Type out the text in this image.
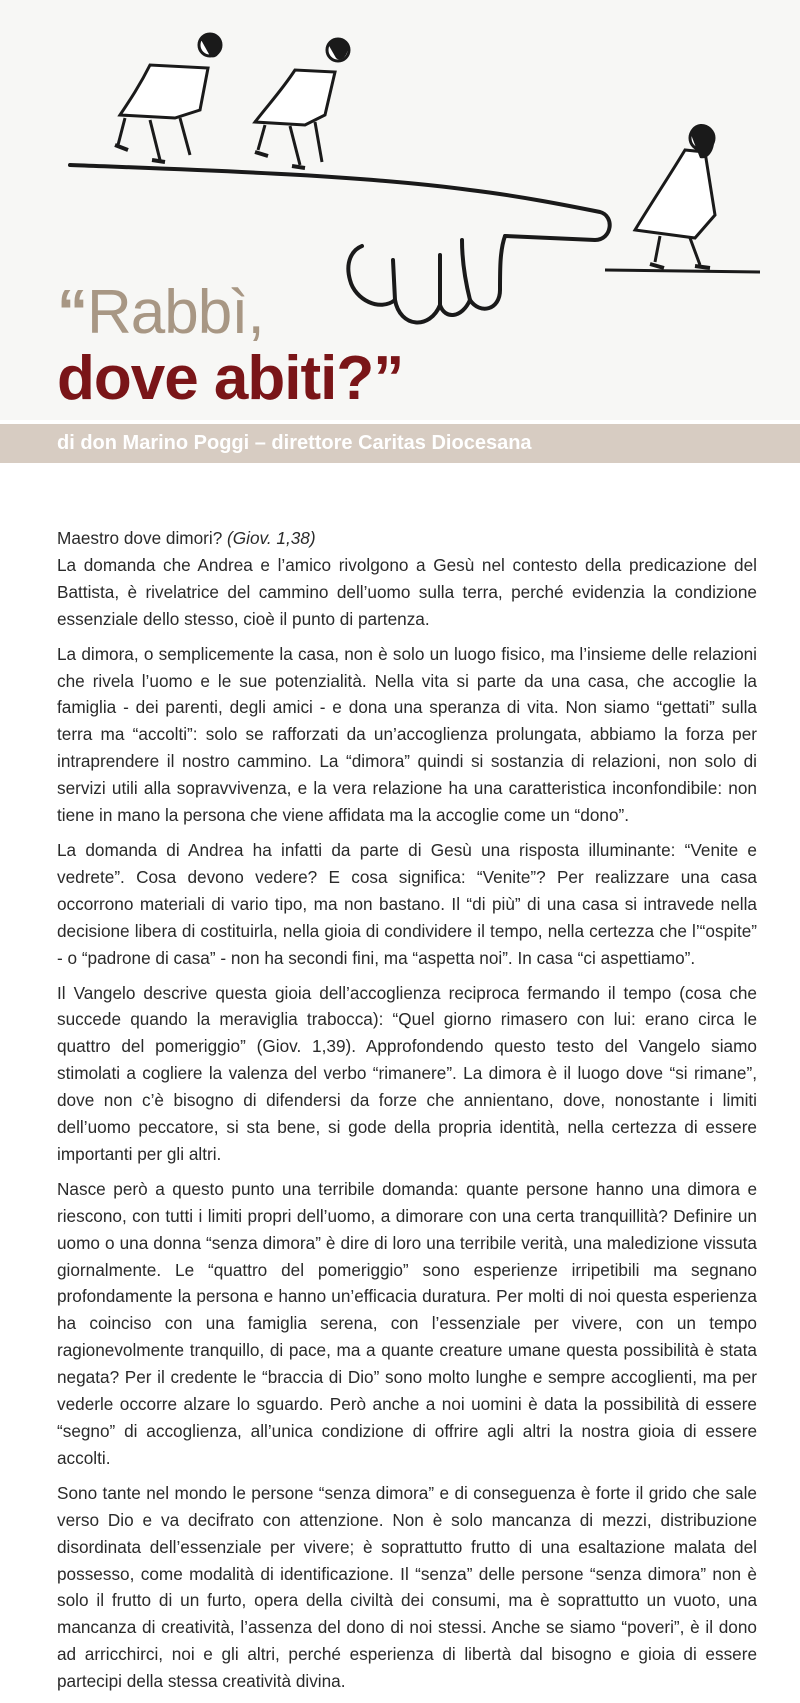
“Rabbì,
dove abiti?”

di don Marino Poggi – direttore Caritas Diocesana

Maestro dove dimori? (Giov. 1,38)

La domanda che Andrea e l’amico rivolgono a Gesù nel contesto della predicazione del Battista, è rivelatrice del cammino dell’uomo sulla terra, perché evidenzia la condizione essenziale dello stesso, cioè il punto di partenza.

La dimora, o semplicemente la casa, non è solo un luogo fisico, ma l’insieme delle relazioni che rivela l’uomo e le sue potenzialità. Nella vita si parte da una casa, che accoglie la famiglia - dei parenti, degli amici - e dona una speranza di vita. Non siamo “gettati” sulla terra ma “accolti”: solo se rafforzati da un’accoglienza prolungata, abbiamo la forza per intraprendere il nostro cammino. La “dimora” quindi si sostanzia di relazioni, non solo di servizi utili alla sopravvivenza, e la vera relazione ha una caratteristica inconfondibile: non tiene in mano la persona che viene affidata ma la accoglie come un “dono”.

La domanda di Andrea ha infatti da parte di Gesù una risposta illuminante: “Venite e vedrete”. Cosa devono vedere? E cosa significa: “Venite”? Per realizzare una casa occorrono materiali di vario tipo, ma non bastano. Il “di più” di una casa si intravede nella decisione libera di costituirla, nella gioia di condividere il tempo, nella certezza che l’“ospite” - o “padrone di casa” - non ha secondi fini, ma “aspetta noi”. In casa “ci aspettiamo”.

Il Vangelo descrive questa gioia dell’accoglienza reciproca fermando il tempo (cosa che succede quando la meraviglia trabocca): “Quel giorno rimasero con lui: erano circa le quattro del pomeriggio” (Giov. 1,39). Approfondendo questo testo del Vangelo siamo stimolati a cogliere la valenza del verbo “rimanere”. La dimora è il luogo dove “si rimane”, dove non c’è bisogno di difendersi da forze che annientano, dove, nonostante i limiti dell’uomo peccatore, si sta bene, si gode della propria identità, nella certezza di essere importanti per gli altri.

Nasce però a questo punto una terribile domanda: quante persone hanno una dimora e riescono, con tutti i limiti propri dell’uomo, a dimorare con una certa tranquillità? Definire un uomo o una donna “senza dimora” è dire di loro una terribile verità, una maledizione vissuta giornalmente. Le “quattro del pomeriggio” sono esperienze irripetibili ma segnano profondamente la persona e hanno un’efficacia duratura. Per molti di noi questa esperienza ha coinciso con una famiglia serena, con l’essenziale per vivere, con un tempo ragionevolmente tranquillo, di pace, ma a quante creature umane questa possibilità è stata negata? Per il credente le “braccia di Dio” sono molto lunghe e sempre accoglienti, ma per vederle occorre alzare lo sguardo. Però anche a noi uomini è data la possibilità di essere “segno” di accoglienza, all’unica condizione di offrire agli altri la nostra gioia di essere accolti.

Sono tante nel mondo le persone “senza dimora” e di conseguenza è forte il grido che sale verso Dio e va decifrato con attenzione. Non è solo mancanza di mezzi, distribuzione disordinata dell’essenziale per vivere; è soprattutto frutto di una esaltazione malata del possesso, come modalità di identificazione. Il “senza” delle persone “senza dimora” non è solo il frutto di un furto, opera della civiltà dei consumi, ma è soprattutto un vuoto, una mancanza di creatività, l’assenza del dono di noi stessi. Anche se siamo “poveri”, è il dono ad arricchirci, noi e gli altri, perché esperienza di libertà dal bisogno e gioia di essere partecipi della stessa creatività divina.
